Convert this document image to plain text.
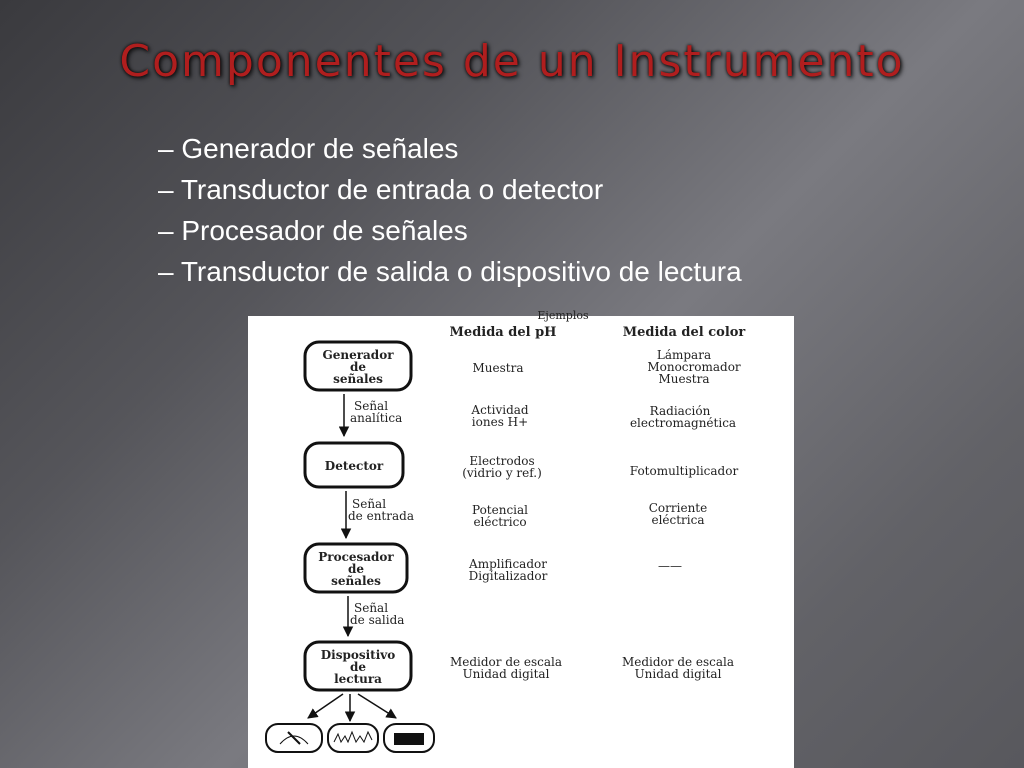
Componentes de un Instrumento
– Generador de señales
– Transductor de entrada o detector
– Procesador de señales
– Transductor de salida o dispositivo de lectura
Ejemplos
Medida del pH	Medida del color
Generador
de
señales
Detector
Procesador
de
señales
Dispositivo
de
lectura
Señal
analítica
Señal
de entrada
Señal
de salida
Muestra
Actividad
iones H+
Electrodos
(vidrio y ref.)
Potencial
eléctrico
Amplificador
Digitalizador
Medidor de escala
Unidad digital
Lámpara
Monocromador
Muestra
Radiación
electromagnética
Fotomultiplicador
Corriente
eléctrica
——
Medidor de escala
Unidad digital
